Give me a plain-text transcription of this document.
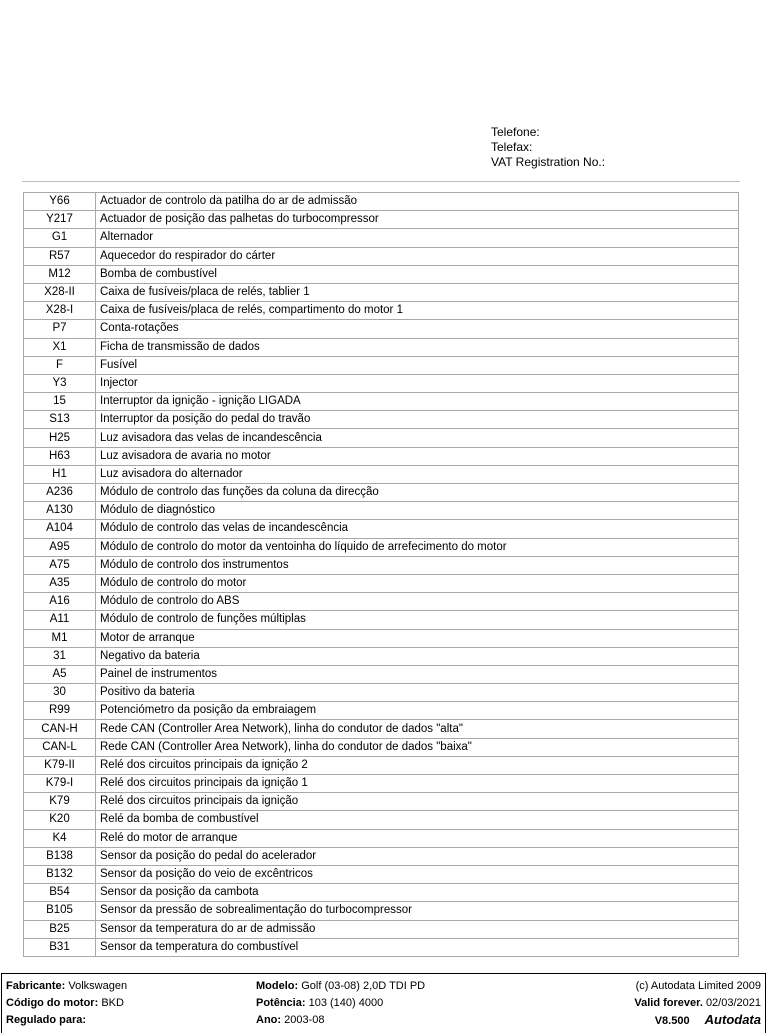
Telefone:
Telefax:
VAT Registration No.:
Y66	Actuador de controlo da patilha do ar de admissão
Y217	Actuador de posição das palhetas do turbocompressor
G1	Alternador
R57	Aquecedor do respirador do cárter
M12	Bomba de combustível
X28-II	Caixa de fusíveis/placa de relés, tablier 1
X28-I	Caixa de fusíveis/placa de relés, compartimento do motor 1
P7	Conta-rotações
X1	Ficha de transmissão de dados
F	Fusível
Y3	Injector
15	Interruptor da ignição - ignição LIGADA
S13	Interruptor da posição do pedal do travão
H25	Luz avisadora das velas de incandescência
H63	Luz avisadora de avaria no motor
H1	Luz avisadora do alternador
A236	Módulo de controlo das funções da coluna da direcção
A130	Módulo de diagnóstico
A104	Módulo de controlo das velas de incandescência
A95	Módulo de controlo do motor da ventoinha do líquido de arrefecimento do motor
A75	Módulo de controlo dos instrumentos
A35	Módulo de controlo do motor
A16	Módulo de controlo do ABS
A11	Módulo de controlo de funções múltiplas
M1	Motor de arranque
31	Negativo da bateria
A5	Painel de instrumentos
30	Positivo da bateria
R99	Potenciómetro da posição da embraiagem
CAN-H	Rede CAN (Controller Area Network), linha do condutor de dados "alta"
CAN-L	Rede CAN (Controller Area Network), linha do condutor de dados "baixa"
K79-II	Relé dos circuitos principais da ignição 2
K79-I	Relé dos circuitos principais da ignição 1
K79	Relé dos circuitos principais da ignição
K20	Relé da bomba de combustível
K4	Relé do motor de arranque
B138	Sensor da posição do pedal do acelerador
B132	Sensor da posição do veio de excêntricos
B54	Sensor da posição da cambota
B105	Sensor da pressão de sobrealimentação do turbocompressor
B25	Sensor da temperatura do ar de admissão
B31	Sensor da temperatura do combustível
Fabricante: Volkswagen	Modelo: Golf (03-08) 2,0D TDI PD	(c) Autodata Limited 2009
Código do motor: BKD	Potência: 103 (140) 4000	Valid forever. 02/03/2021
Regulado para:	Ano: 2003-08	V8.500 Autodata
